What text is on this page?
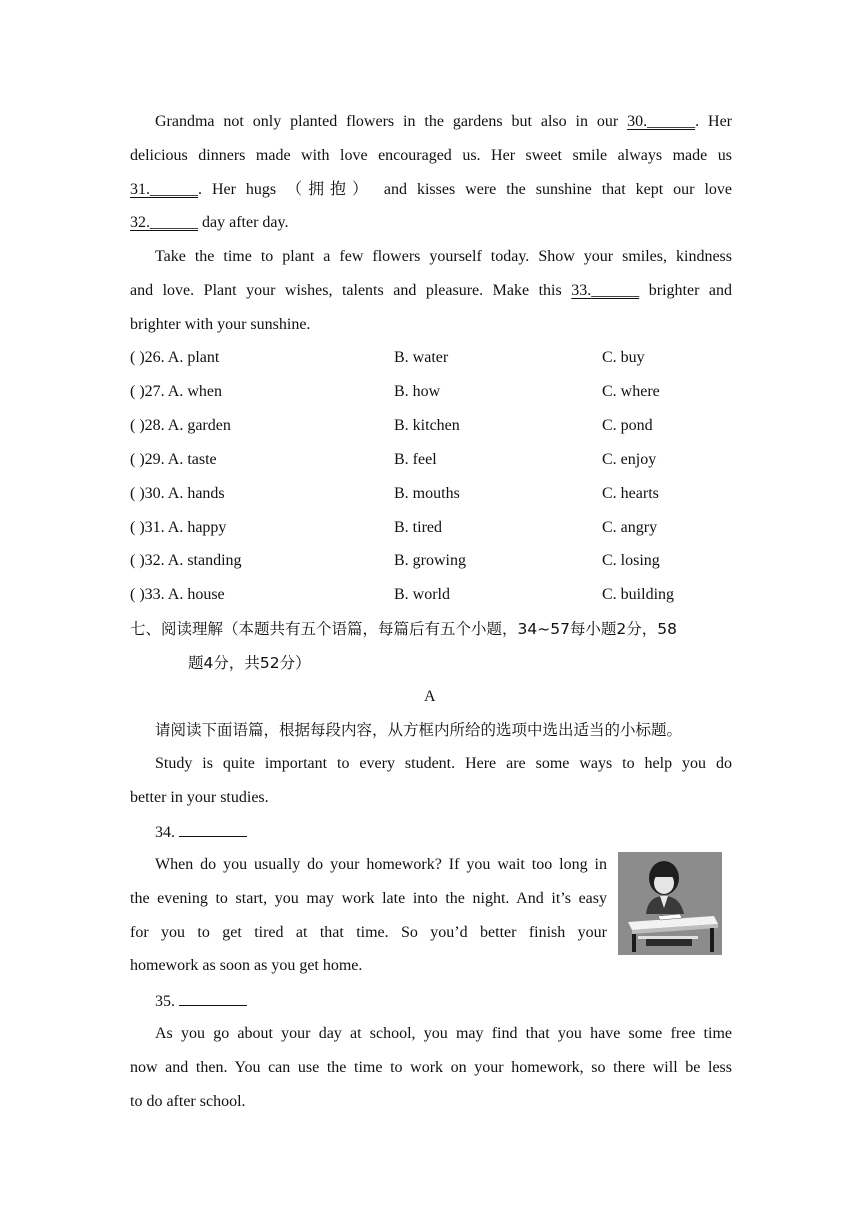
Grandma not only planted flowers in the gardens but also in our 30.______. Her
delicious dinners made with love encouraged us. Her sweet smile always made us
31.______. Her hugs （拥抱） and kisses were the sunshine that kept our love
32.______ day after day.
Take the time to plant a few flowers yourself today. Show your smiles, kindness
and love. Plant your wishes, talents and pleasure. Make this 33.______ brighter and
brighter with your sunshine.
( )26. A. plant	B. water	C. buy
( )27. A. when	B. how	C. where
( )28. A. garden	B. kitchen	C. pond
( )29. A. taste	B. feel	C. enjoy
( )30. A. hands	B. mouths	C. hearts
( )31. A. happy	B. tired	C. angry
( )32. A. standing	B. growing	C. losing
( )33. A. house	B. world	C. building
七、阅读理解（本题共有五个语篇，每篇后有五个小题，34~57每小题2分，58
题4分，共52分）
A
请阅读下面语篇，根据每段内容，从方框内所给的选项中选出适当的小标题。
Study is quite important to every student. Here are some ways to help you do
better in your studies.
34.
When do you usually do your homework? If you wait too long in
the evening to start, you may work late into the night. And it’s easy
for you to get tired at that time. So you’d better finish your
homework as soon as you get home.
35.
As you go about your day at school, you may find that you have some free time
now and then. You can use the time to work on your homework, so there will be less
to do after school.
